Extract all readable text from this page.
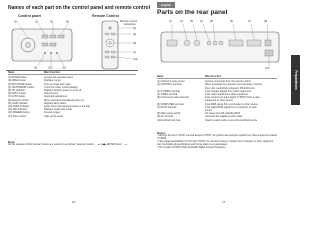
Names of each part on the control panel and remote control
Control panel	Remote Control
(1)	(2)	(3)	(4)
(9)	(10)	(11)
Remote control
transmitter
(4)
(6)
(8)
(1)
(13)
Name	Main Function
(1) ENTER button	Accepts the selection items
(2) MENU button	Displays menus
(3) KEYSTONE button	Sets up image and mode
(4) ON/STANDBY button	Turns the power on/off (standby)
(5) ON indicator	Displays whether power is on or off
(6) INPUT button	Selects input
(7) AUTO button	Automatic adjustment
(8) Selection button	Menu selections and adjustments, etc.
(9) LAMP indicator	Displays lamp status
(10) TEMP indicator	Lights when internal temperature is too high
(11) FAN indicator	Displays cooling fan mode
(12) FREEZE button	Freezes image
(13) CALL button	Calls up the setup
Note
For the operation of this manual, buttons are referred to as follows: Selection buttons → ▲▼◀▶, ENTER button → ●
16
English
Parts on the rear panel
(1)	(2)	(3)	(4)	(5)	(6)	(7)	(8)
(10)
Name	Main Function
(1) Infrared remote sensor	Senses commands from the remote control
(2) CONTROL terminal	When operating the projector via a computer, connect
this to the controlling computer's RS-232C port
(3) S-VIDEO terminal	Input S-video signals from video equipment
(4) VIDEO terminal	Input video signals from video equipment
(5) Component video terminal	Input component video signal (Y/Pb/Pr) from a video
equipment or other source
(6) COMPUTER terminal	Input RGB signal from a computer or other source
(7) DVI-D terminal	Input digital RGB signal from a computer or other
source
(8) Main power switch	AC power line ON (standby)/OFF
(9) AC terminal	Connects the supplied power cable
(10) Antitheft lock hole	Attach a safety cable or any other antitheft device
Notes
• Although this set's Y-Pb/Pr terminal accepts Y/Pb/Pr, the product also supports signals from video equipment marked Y/CB/CR.
• Input signal specifications for DVI and Y/Pb/Pr are checked; however, signals from computers or other equipment may not display all specifications and full operation is not guaranteed.
• This support of HDCP (High-bandwidth Digital Content Protection).
17
Preparations
